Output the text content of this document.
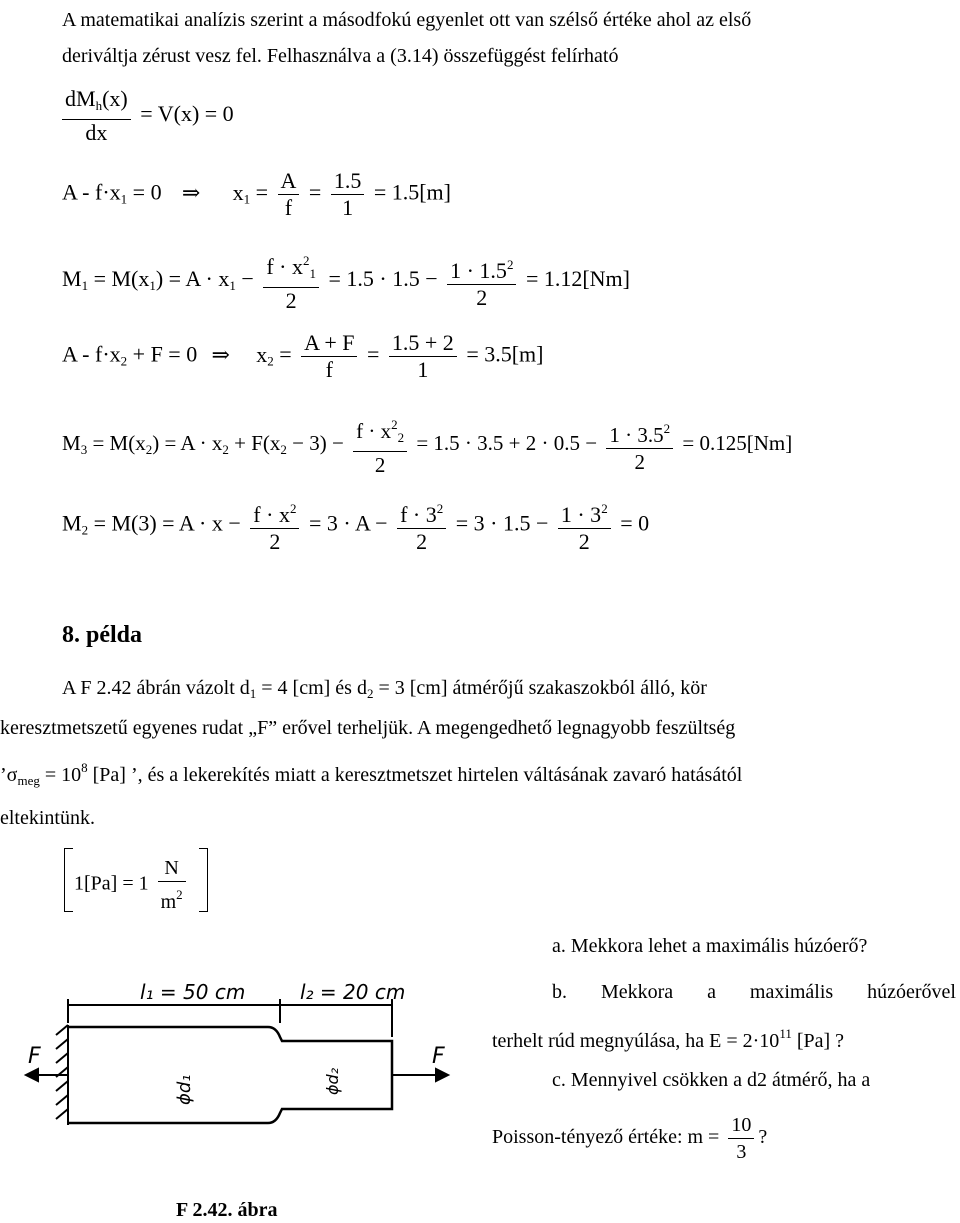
A matematikai analízis szerint a másodfokú egyenlet ott van szélső értéke ahol az első
deriváltja zérust vesz fel. Felhasználva a (3.14) összefüggést felírható
$\frac{dM_h(x)}{dx} = V(x) = 0$
$A - f\cdot x_1 = 0$ ⇒ $x_1 = \frac{A}{f} = \frac{1.5}{1} = 1.5[m]$
$M_1 = M(x_1) = A \cdot x_1 - \frac{f \cdot x^2_1}{2} = 1.5 \cdot 1.5 - \frac{1 \cdot 1.5^2}{2} = 1.12[Nm]$
$A - f\cdot x_2 + F = 0$ ⇒ $x_2 = \frac{A + F}{f} = \frac{1.5 + 2}{1} = 3.5[m]$
$M_3 = M(x_2) = A \cdot x_2 + F(x_2 - 3) - \frac{f \cdot x^2_2}{2} = 1.5 \cdot 3.5 + 2 \cdot 0.5 - \frac{1 \cdot 3.5^2}{2} = 0.125[Nm]$
$M_2 = M(3) = A \cdot x - \frac{f \cdot x^2}{2} = 3 \cdot A - \frac{f \cdot 3^2}{2} = 3 \cdot 1.5 - \frac{1 \cdot 3^2}{2} = 0$
8. példa
A F 2.42 ábrán vázolt $d_1 = 4$ [cm] és $d_2 = 3$ [cm] átmérőjű szakaszokból álló, kör
keresztmetszetű egyenes rudat „F” erővel terheljük. A megengedhető legnagyobb feszültség
$’\sigma_{meg} = 10^8$ [Pa] ’, és a lekerekítés miatt a keresztmetszet hirtelen váltásának zavaró hatásától
eltekintünk.
$1[Pa] = 1 \frac{N}{m^2}$
a. Mekkora lehet a maximális húzóerő?
b. Mekkora a maximális húzóerővel
terhelt rúd megnyúlása, ha $E = 2\cdot 10^{11}$ [Pa] ?
c. Mennyivel csökken a d2 átmérő, ha a
Poisson-tényező értéke: $m = \frac{10}{3}$ ?
F	F
l₁ = 50 cm	l₂ = 20 cm
ϕd₁	ϕd₂
F 2.42. ábra
